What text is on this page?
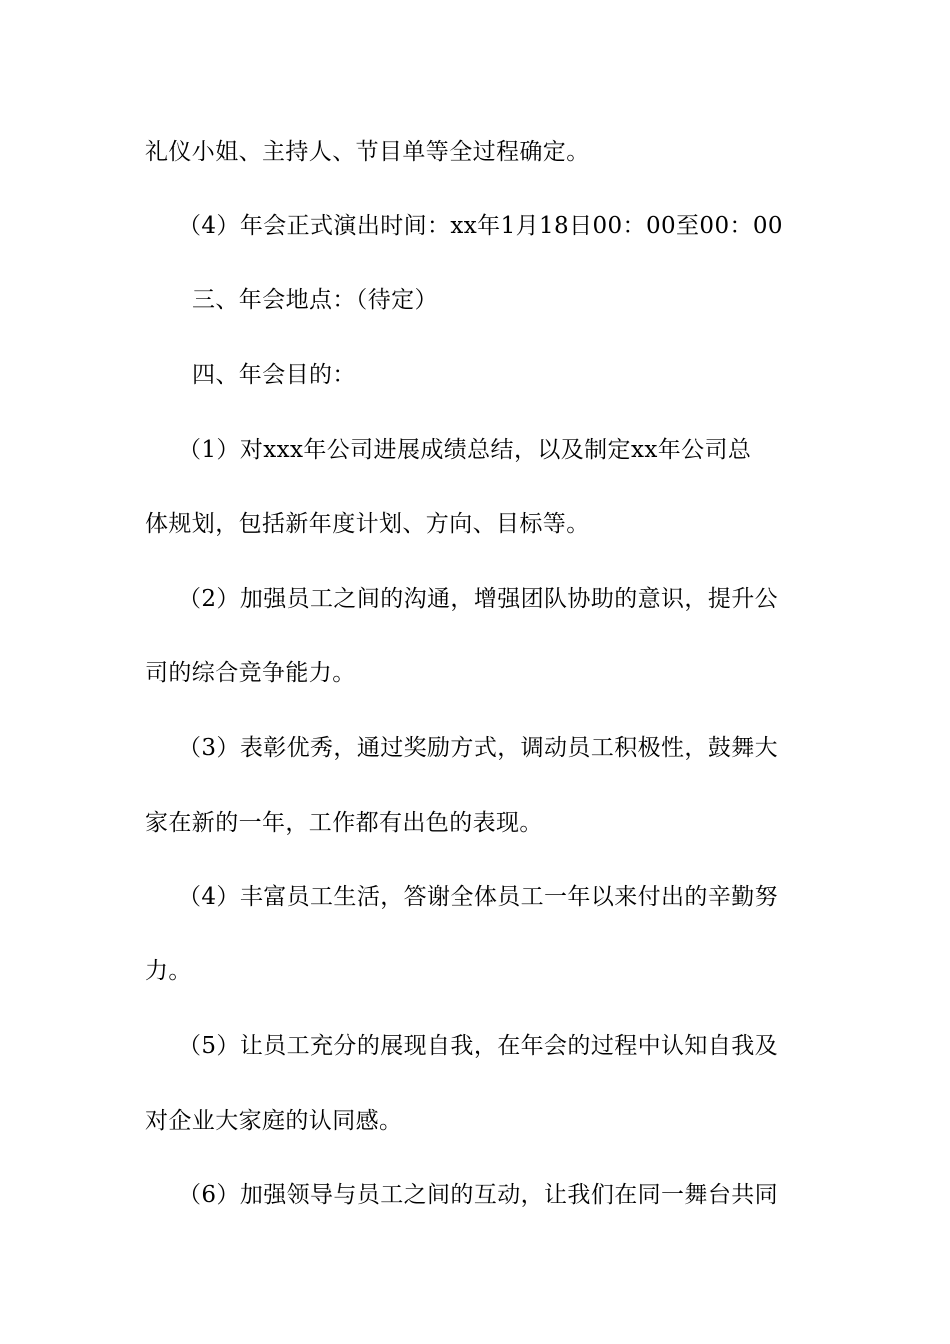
礼仪小姐、主持人、节目单等全过程确定。
（4）年会正式演出时间：xx年1月18日00：00至00：00
三、年会地点：（待定）
四、年会目的：
（1）对xxx年公司进展成绩总结，以及制定xx年公司总
体规划，包括新年度计划、方向、目标等。
（2）加强员工之间的沟通，增强团队协助的意识，提升公
司的综合竞争能力。
（3）表彰优秀，通过奖励方式，调动员工积极性，鼓舞大
家在新的一年，工作都有出色的表现。
（4）丰富员工生活，答谢全体员工一年以来付出的辛勤努
力。
（5）让员工充分的展现自我，在年会的过程中认知自我及
对企业大家庭的认同感。
（6）加强领导与员工之间的互动，让我们在同一舞台共同
